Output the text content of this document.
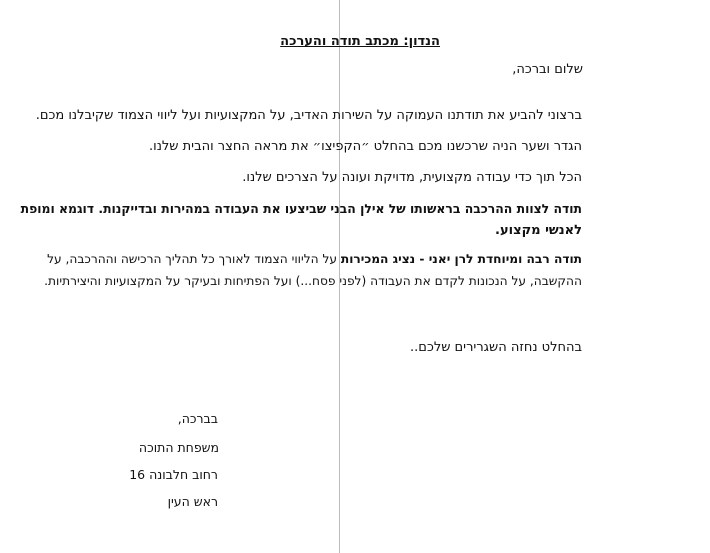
הנדון: מכתב תודה והערכה
שלום וברכה,
ברצוני להביע את תודתנו העמוקה על השירות האדיב, על המקצועיות ועל ליווי הצמוד שקיבלנו מכם.
הגדר ושער הניה שרכשנו מכם בהחלט ״הקפיצו״ את מראה החצר והבית שלנו.
הכל תוך כדי עבודה מקצועית, מדויקת ועונה על הצרכים שלנו.
תודה לצוות ההרכבה בראשותו של אילן הבני שביצעו את העבודה במהירות ובדייקנות. דוגמא ומופת
לאנשי מקצוע.
תודה רבה ומיוחדת לרן יאני - נציג המכירות על הליווי הצמוד לאורך כל תהליך הרכישה וההרכבה, על
ההקשבה, על הנכונות לקדם את העבודה (לפני פסח...) ועל הפתיחות ובעיקר על המקצועיות והיצירתיות.
בהחלט נחזה השגרירים שלכם..
בברכה,
משפחת התוכה
רחוב חלבונה 16
ראש העין
